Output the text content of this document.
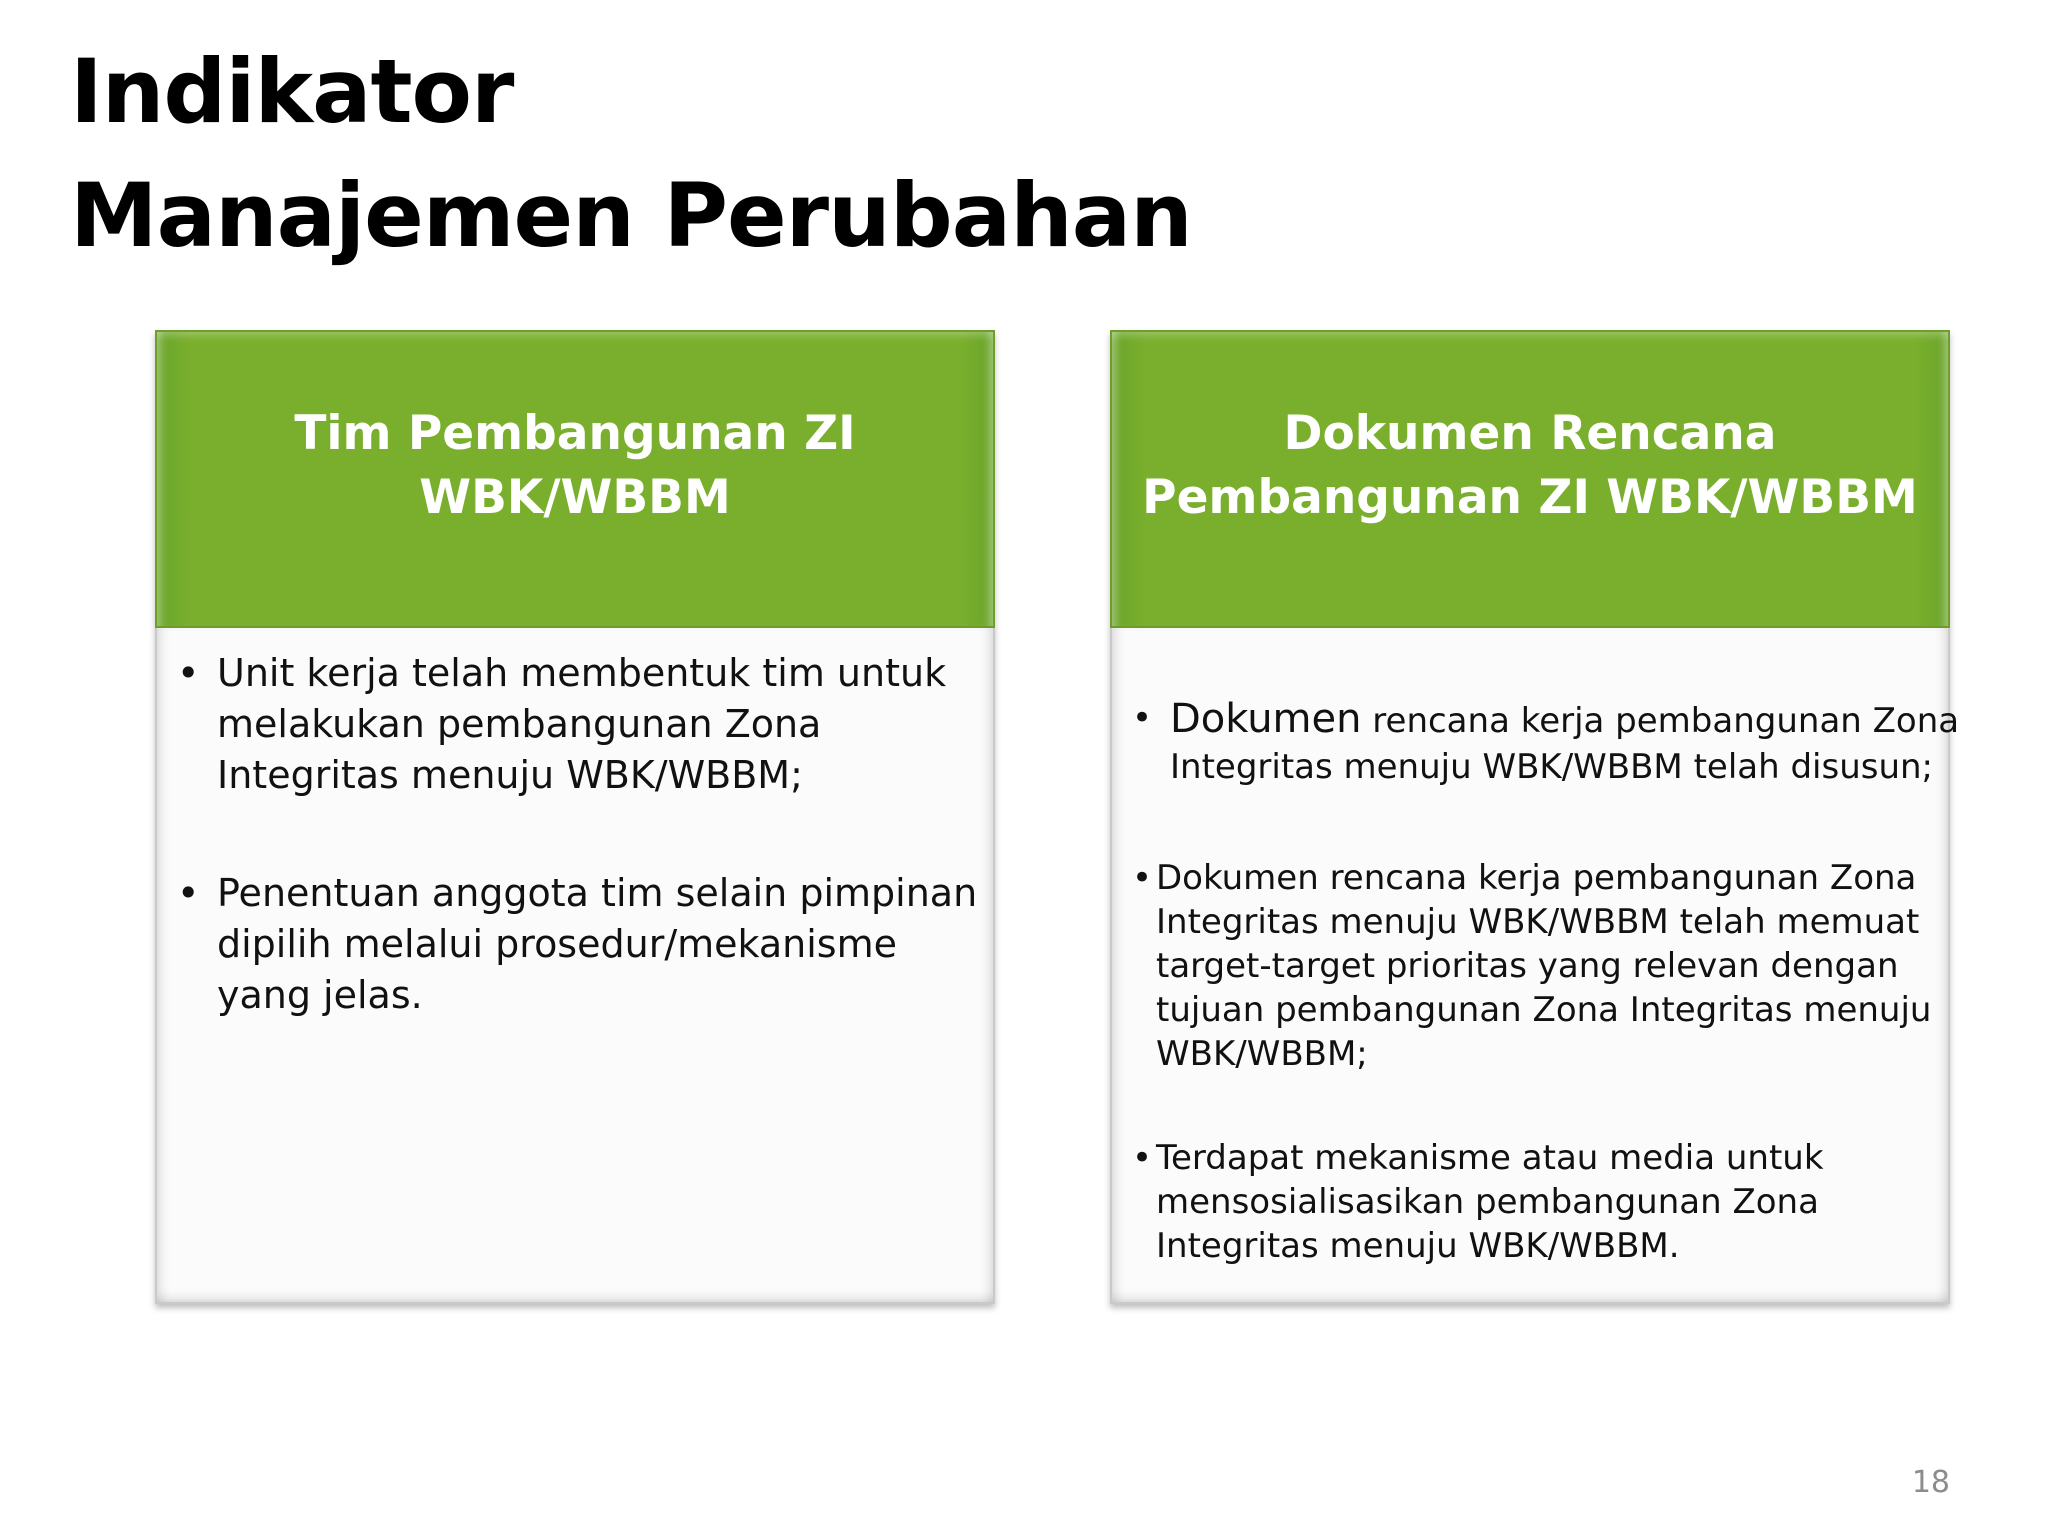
Indikator
Manajemen Perubahan
Tim Pembangunan ZI
WBK/WBBM
• Unit kerja telah membentuk tim untuk
melakukan pembangunan Zona
Integritas menuju WBK/WBBM;
• Penentuan anggota tim selain pimpinan
dipilih melalui prosedur/mekanisme
yang jelas.
Dokumen Rencana
Pembangunan ZI WBK/WBBM
• Dokumen rencana kerja pembangunan Zona
Integritas menuju WBK/WBBM telah disusun;
• Dokumen rencana kerja pembangunan Zona
Integritas menuju WBK/WBBM telah memuat
target-target prioritas yang relevan dengan
tujuan pembangunan Zona Integritas menuju
WBK/WBBM;
• Terdapat mekanisme atau media untuk
mensosialisasikan pembangunan Zona
Integritas menuju WBK/WBBM.
18
